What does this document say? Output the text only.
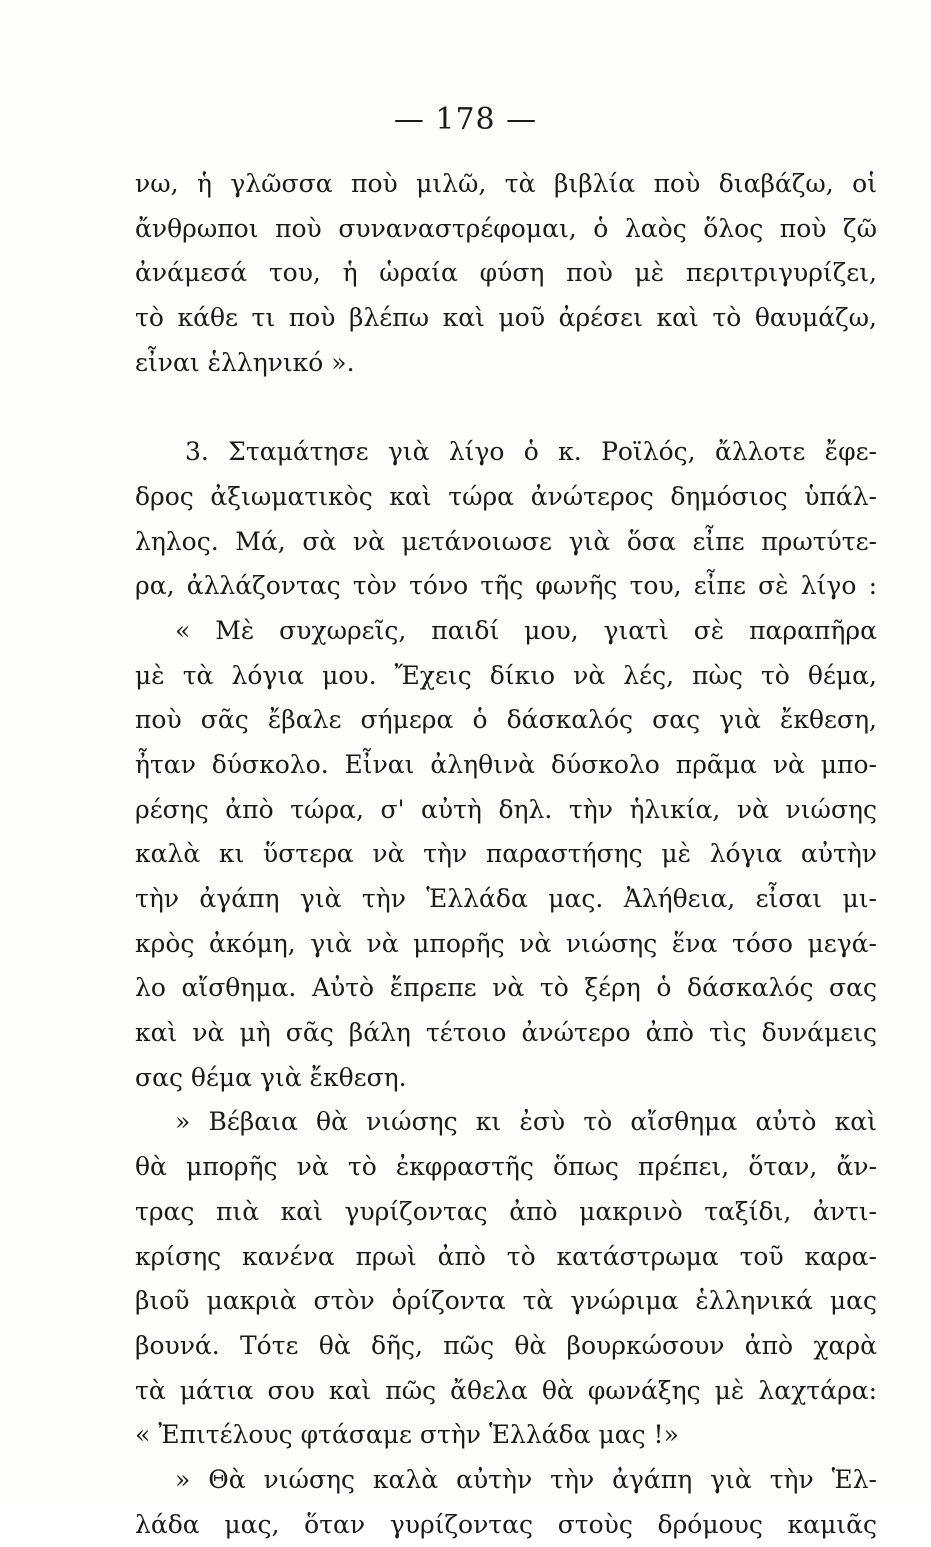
— 178 —
νω, ἡ γλῶσσα ποὺ μιλῶ, τὰ βιβλία ποὺ διαβάζω, οἱ
ἄνθρωποι ποὺ συναναστρέφομαι, ὁ λαὸς ὅλος ποὺ ζῶ
ἀνάμεσά του, ἡ ὡραία φύση ποὺ μὲ περιτριγυρίζει,
τὸ κάθε τι ποὺ βλέπω καὶ μοῦ ἀρέσει καὶ τὸ θαυμάζω,
εἶναι ἑλληνικό ».
3. Σταμάτησε γιὰ λίγο ὁ κ. Ροϊλός, ἄλλοτε ἔφε-
δρος ἀξιωματικὸς καὶ τώρα ἀνώτερος δημόσιος ὑπάλ-
ληλος. Μά, σὰ νὰ μετάνοιωσε γιὰ ὅσα εἶπε πρωτύτε-
ρα, ἀλλάζοντας τὸν τόνο τῆς φωνῆς του, εἶπε σὲ λίγο :
« Μὲ συχωρεῖς, παιδί μου, γιατὶ σὲ παραπῆρα
μὲ τὰ λόγια μου. Ἔχεις δίκιο νὰ λές, πὼς τὸ θέμα,
ποὺ σᾶς ἔβαλε σήμερα ὁ δάσκαλός σας γιὰ ἔκθεση,
ἦταν δύσκολο. Εἶναι ἀληθινὰ δύσκολο πρᾶμα νὰ μπο-
ρέσης ἀπὸ τώρα, σ' αὐτὴ δηλ. τὴν ἡλικία, νὰ νιώσης
καλὰ κι ὕστερα νὰ τὴν παραστήσης μὲ λόγια αὐτὴν
τὴν ἀγάπη γιὰ τὴν Ἑλλάδα μας. Ἀλήθεια, εἶσαι μι-
κρὸς ἀκόμη, γιὰ νὰ μπορῆς νὰ νιώσης ἕνα τόσο μεγά-
λο αἴσθημα. Αὐτὸ ἔπρεπε νὰ τὸ ξέρη ὁ δάσκαλός σας
καὶ νὰ μὴ σᾶς βάλη τέτοιο ἀνώτερο ἀπὸ τὶς δυνάμεις
σας θέμα γιὰ ἔκθεση.
» Βέβαια θὰ νιώσης κι ἐσὺ τὸ αἴσθημα αὐτὸ καὶ
θὰ μπορῆς νὰ τὸ ἐκφραστῆς ὅπως πρέπει, ὅταν, ἄν-
τρας πιὰ καὶ γυρίζοντας ἀπὸ μακρινὸ ταξίδι, ἀντι-
κρίσης κανένα πρωὶ ἀπὸ τὸ κατάστρωμα τοῦ καρα-
βιοῦ μακριὰ στὸν ὁρίζοντα τὰ γνώριμα ἑλληνικά μας
βουνά. Τότε θὰ δῆς, πῶς θὰ βουρκώσουν ἀπὸ χαρὰ
τὰ μάτια σου καὶ πῶς ἄθελα θὰ φωνάξης μὲ λαχτάρα:
« Ἐπιτέλους φτάσαμε στὴν Ἑλλάδα μας !»
» Θὰ νιώσης καλὰ αὐτὴν τὴν ἀγάπη γιὰ τὴν Ἑλ-
λάδα μας, ὅταν γυρίζοντας στοὺς δρόμους καμιᾶς
